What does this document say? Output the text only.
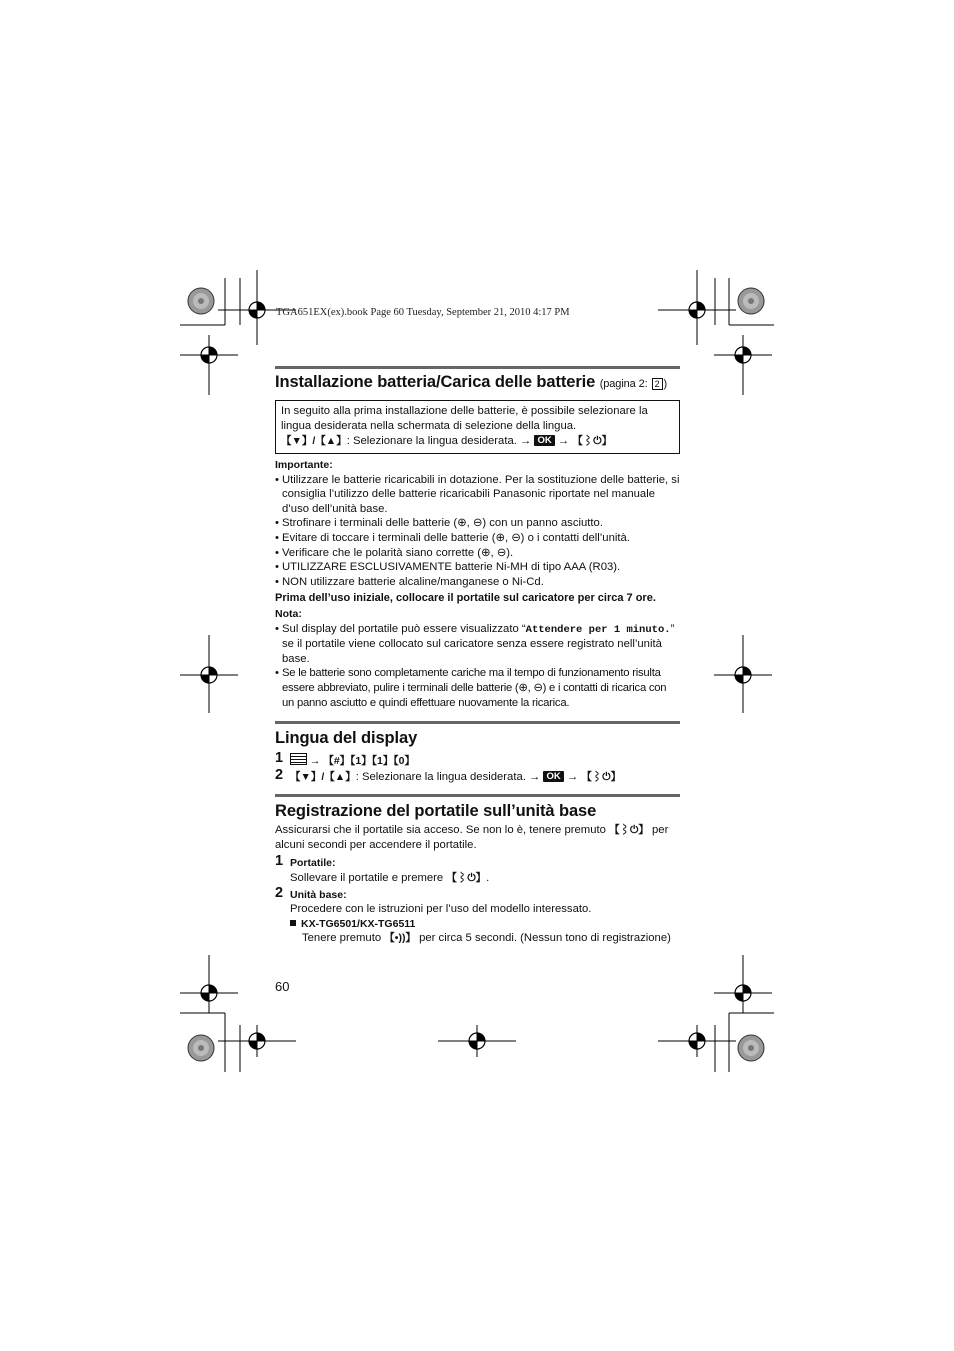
TGA651EX(ex).book Page 60 Tuesday, September 21, 2010 4:17 PM
Installazione batteria/Carica delle batterie (pagina 2: 2 )
In seguito alla prima installazione delle batterie, è possibile selezionare la lingua desiderata nella schermata di selezione della lingua.
【▼】/【▲】: Selezionare la lingua desiderata. → OK → 【⌇⏻】

Importante:

• Utilizzare le batterie ricaricabili in dotazione. Per la sostituzione delle batterie, si consiglia l’utilizzo delle batterie ricaricabili Panasonic riportate nel manuale d’uso dell’unità base.
• Strofinare i terminali delle batterie (⊕, ⊖) con un panno asciutto.
• Evitare di toccare i terminali delle batterie (⊕, ⊖) o i contatti dell’unità.
• Verificare che le polarità siano corrette (⊕, ⊖).
• UTILIZZARE ESCLUSIVAMENTE batterie Ni-MH di tipo AAA (R03).
• NON utilizzare batterie alcaline/manganese o Ni-Cd.

Prima dell’uso iniziale, collocare il portatile sul caricatore per circa 7 ore.

Nota:

• Sul display del portatile può essere visualizzato “Attendere per 1 minuto.” se il portatile viene collocato sul caricatore senza essere registrato nell’unità base.
• Se le batterie sono completamente cariche ma il tempo di funzionamento risulta essere abbreviato, pulire i terminali delle batterie (⊕, ⊖) e i contatti di ricarica con un panno asciutto e quindi effettuare nuovamente la ricarica.
Lingua del display
1 → 【#】【1】【1】【0】
2 【▼】/【▲】: Selezionare la lingua desiderata. → OK → 【⌇⏻】
Registrazione del portatile sull’unità base

Assicurarsi che il portatile sia acceso. Se non lo è, tenere premuto 【⌇⏻】 per alcuni secondi per accendere il portatile.

1 Portatile:
Sollevare il portatile e premere 【⌇⏻】.
2 Unità base:
Procedere con le istruzioni per l’uso del modello interessato.
KX-TG6501/KX-TG6511
Tenere premuto 【•))】 per circa 5 secondi. (Nessun tono di registrazione)
60
